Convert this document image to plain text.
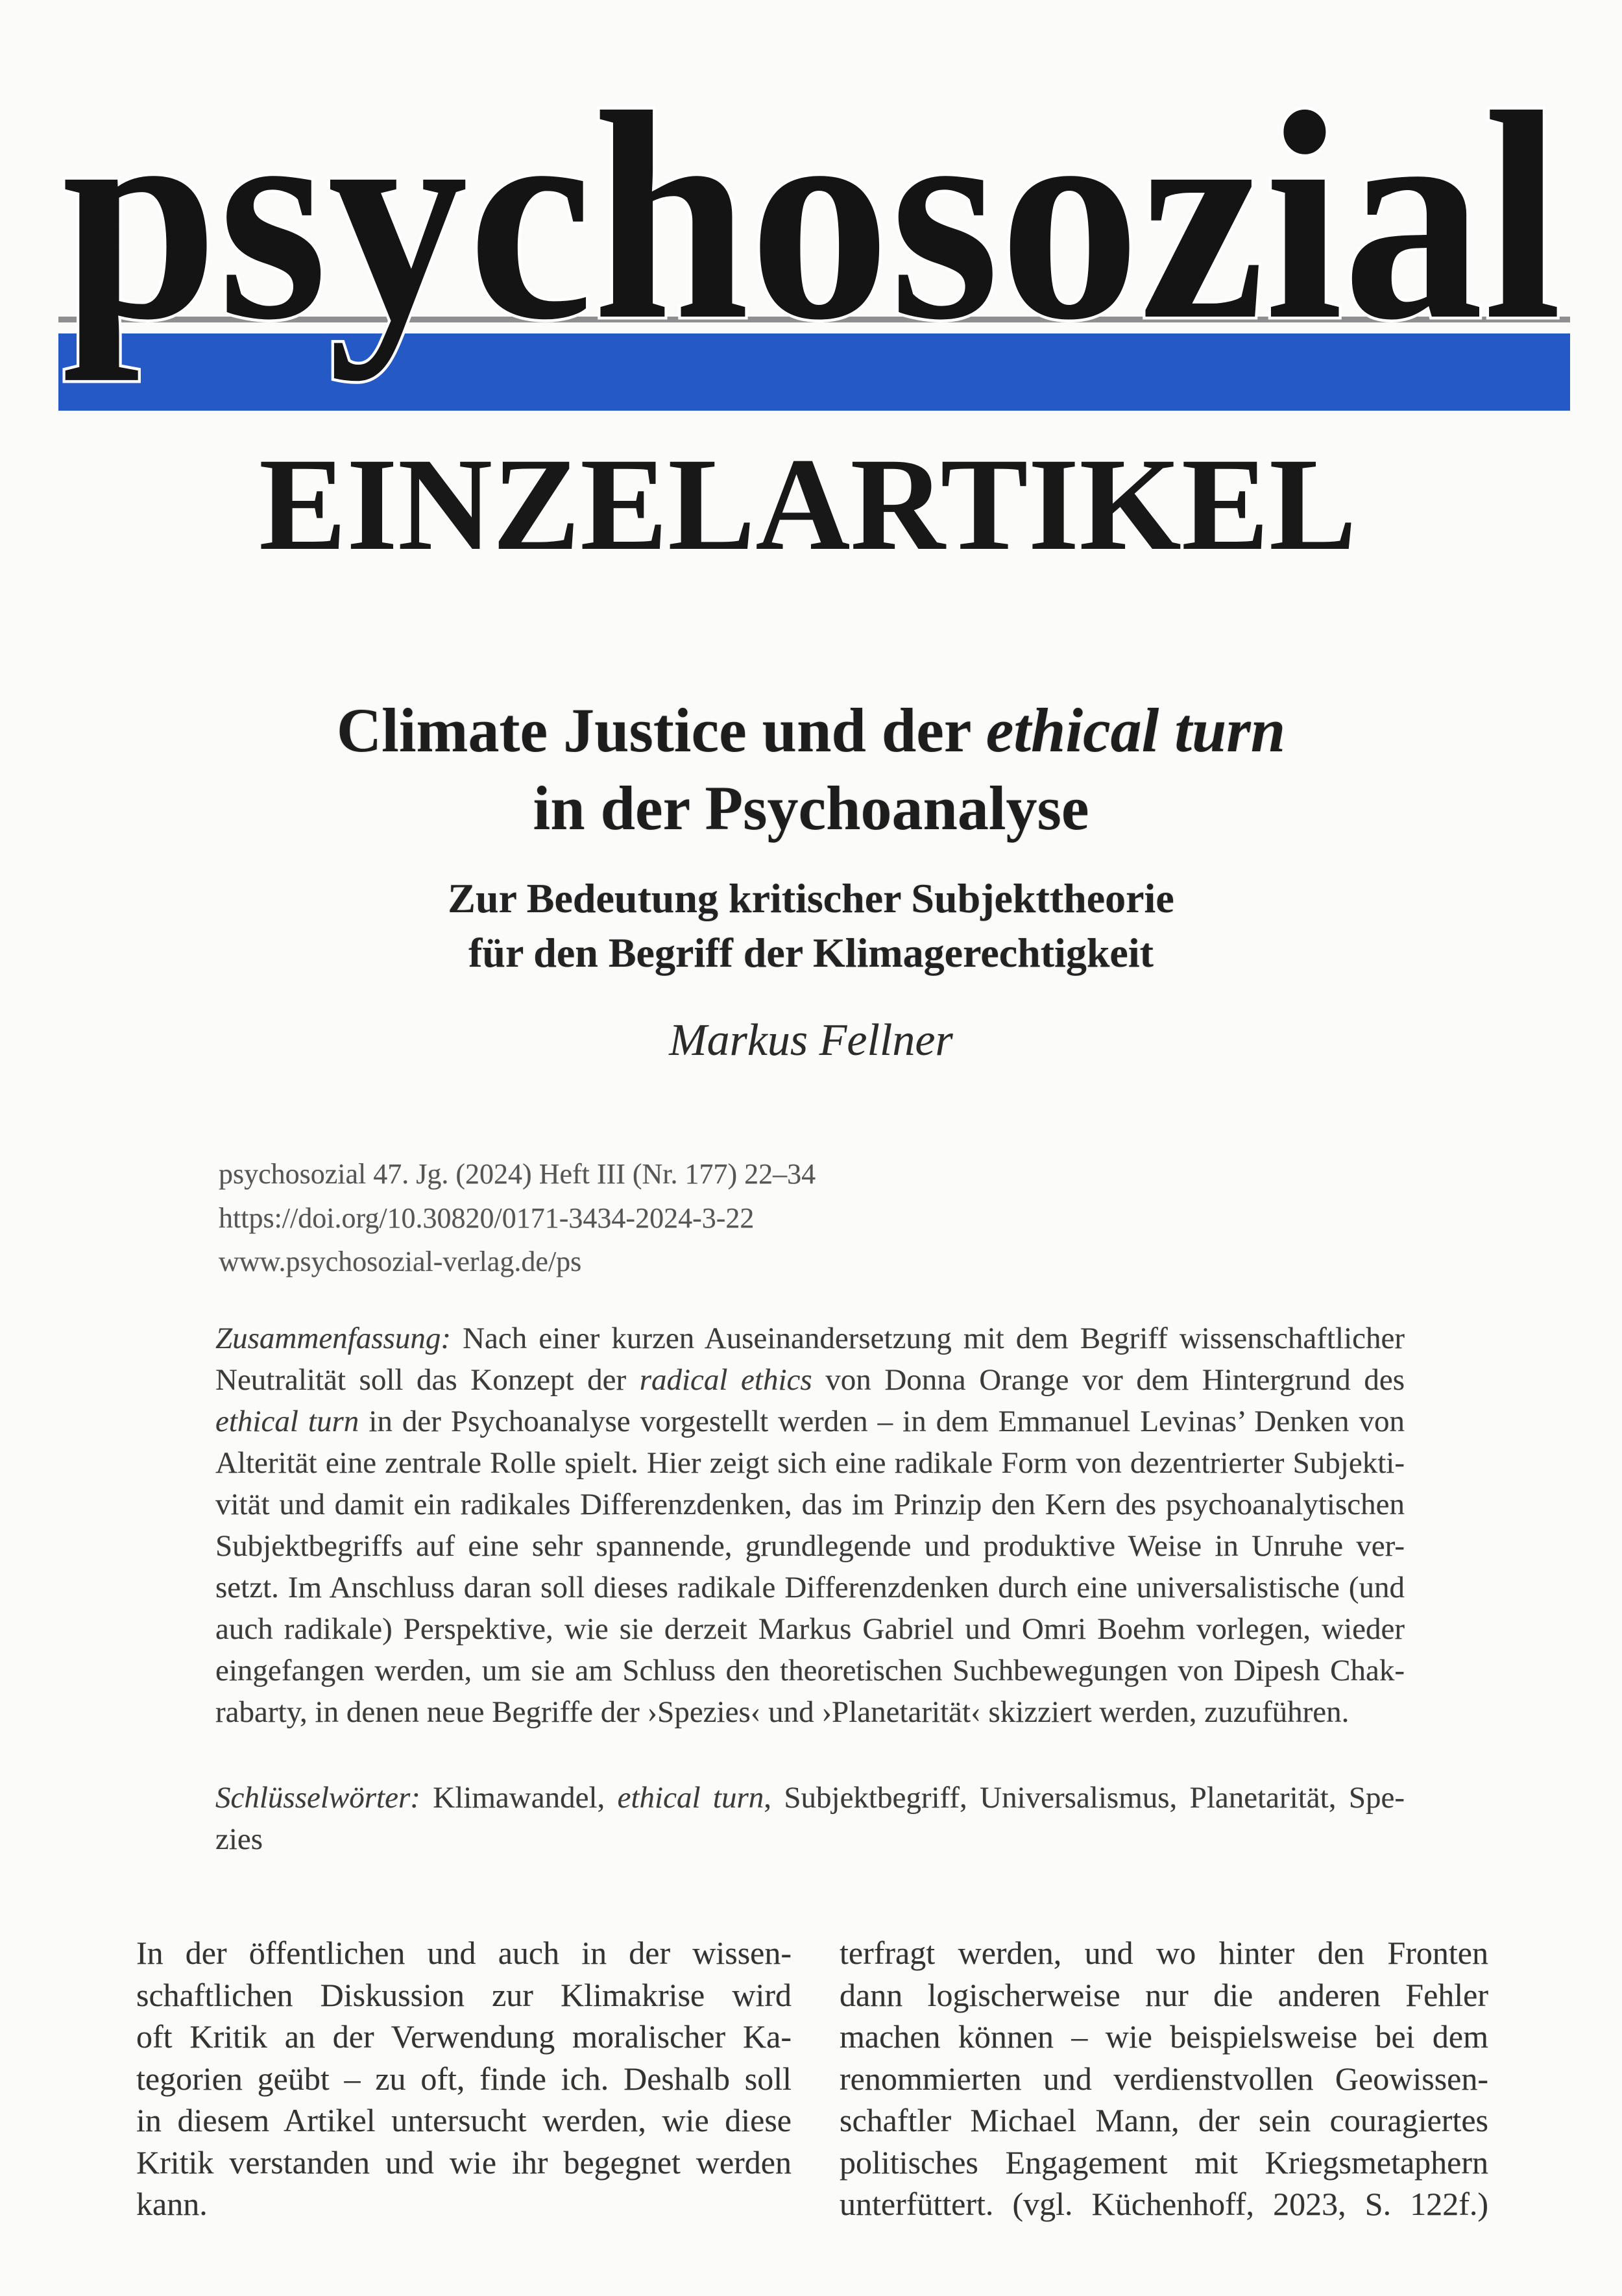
psychosozial
EINZELARTIKEL
Climate Justice und der ethical turn
in der Psychoanalyse
Zur Bedeutung kritischer Subjekttheorie
für den Begriff der Klimagerechtigkeit
Markus Fellner
psychosozial 47. Jg. (2024) Heft III (Nr. 177) 22–34
https://doi.org/10.30820/0171-3434-2024-3-22
www.psychosozial-verlag.de/ps
Zusammenfassung: Nach einer kurzen Auseinandersetzung mit dem Begriff wissenschaftlicher
Neutralität soll das Konzept der radical ethics von Donna Orange vor dem Hintergrund des
ethical turn in der Psychoanalyse vorgestellt werden – in dem Emmanuel Levinas’ Denken von
Alterität eine zentrale Rolle spielt. Hier zeigt sich eine radikale Form von dezentrierter Subjekti-
vität und damit ein radikales Differenzdenken, das im Prinzip den Kern des psychoanalytischen
Subjektbegriffs auf eine sehr spannende, grundlegende und produktive Weise in Unruhe ver-
setzt. Im Anschluss daran soll dieses radikale Differenzdenken durch eine universalistische (und
auch radikale) Perspektive, wie sie derzeit Markus Gabriel und Omri Boehm vorlegen, wieder
eingefangen werden, um sie am Schluss den theoretischen Suchbewegungen von Dipesh Chak-
rabarty, in denen neue Begriffe der ›Spezies‹ und ›Planetarität‹ skizziert werden, zuzuführen.
Schlüsselwörter: Klimawandel, ethical turn, Subjektbegriff, Universalismus, Planetarität, Spe-
zies
In der öffentlichen und auch in der wissen-
schaftlichen Diskussion zur Klimakrise wird
oft Kritik an der Verwendung moralischer Ka-
tegorien geübt – zu oft, finde ich. Deshalb soll
in diesem Artikel untersucht werden, wie diese
Kritik verstanden und wie ihr begegnet werden
kann.
terfragt werden, und wo hinter den Fronten
dann logischerweise nur die anderen Fehler
machen können – wie beispielsweise bei dem
renommierten und verdienstvollen Geowissen-
schaftler Michael Mann, der sein couragiertes
politisches Engagement mit Kriegsmetaphern
unterfüttert. (vgl. Küchenhoff, 2023, S. 122f.)
